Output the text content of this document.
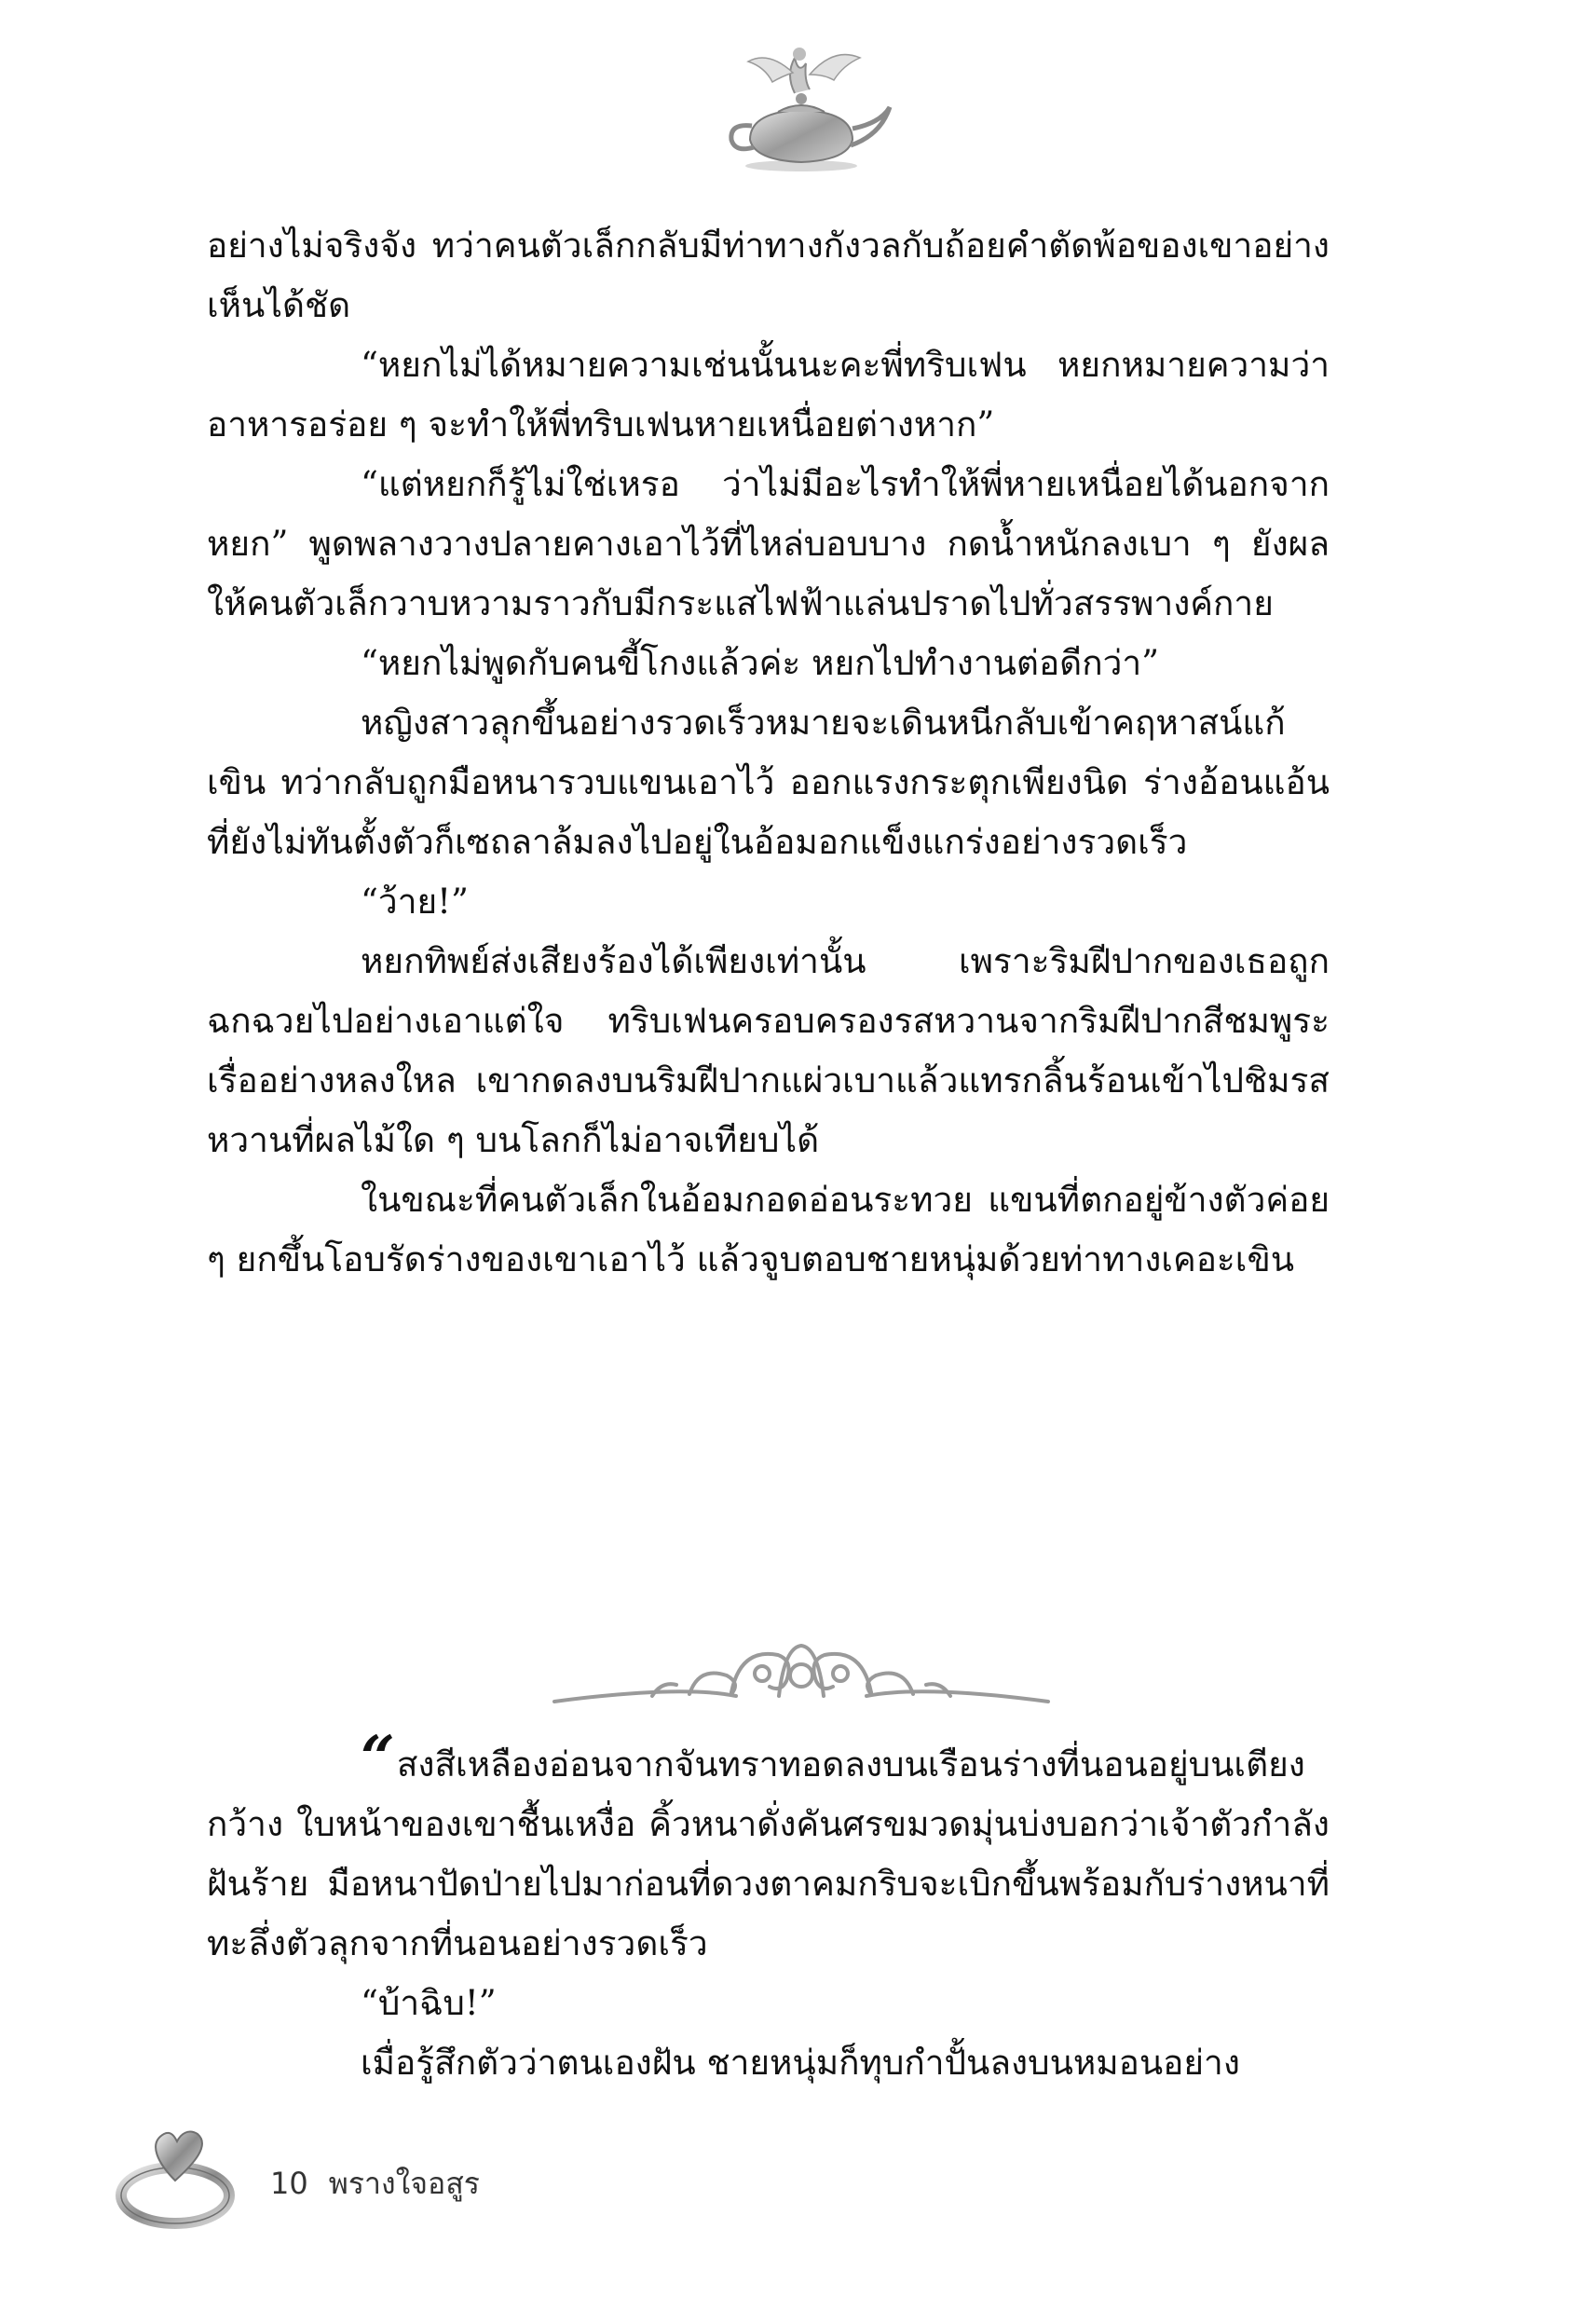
อย่างไม่จริงจัง ทว่าคนตัวเล็กกลับมีท่าทางกังวลกับถ้อยคำตัดพ้อของเขาอย่างเห็นได้ชัด

“หยกไม่ได้หมายความเช่นนั้นนะคะพี่ทริบเฟน หยกหมายความว่าอาหารอร่อย ๆ จะทำให้พี่ทริบเฟนหายเหนื่อยต่างหาก”

“แต่หยกก็รู้ไม่ใช่เหรอ ว่าไม่มีอะไรทำให้พี่หายเหนื่อยได้นอกจากหยก” พูดพลางวางปลายคางเอาไว้ที่ไหล่บอบบาง กดน้ำหนักลงเบา ๆ ยังผลให้คนตัวเล็กวาบหวามราวกับมีกระแสไฟฟ้าแล่นปราดไปทั่วสรรพางค์กาย

“หยกไม่พูดกับคนขี้โกงแล้วค่ะ หยกไปทำงานต่อดีกว่า”

หญิงสาวลุกขึ้นอย่างรวดเร็วหมายจะเดินหนีกลับเข้าคฤหาสน์แก้เขิน ทว่ากลับถูกมือหนารวบแขนเอาไว้ ออกแรงกระตุกเพียงนิด ร่างอ้อนแอ้นที่ยังไม่ทันตั้งตัวก็เซถลาล้มลงไปอยู่ในอ้อมอกแข็งแกร่งอย่างรวดเร็ว

“ว้าย!”

หยกทิพย์ส่งเสียงร้องได้เพียงเท่านั้น เพราะริมฝีปากของเธอถูกฉกฉวยไปอย่างเอาแต่ใจ ทริบเฟนครอบครองรสหวานจากริมฝีปากสีชมพูระเรื่ออย่างหลงใหล เขากดลงบนริมฝีปากแผ่วเบาแล้วแทรกลิ้นร้อนเข้าไปชิมรสหวานที่ผลไม้ใด ๆ บนโลกก็ไม่อาจเทียบได้

ในขณะที่คนตัวเล็กในอ้อมกอดอ่อนระทวย แขนที่ตกอยู่ข้างตัวค่อย ๆ ยกขึ้นโอบรัดร่างของเขาเอาไว้ แล้วจูบตอบชายหนุ่มด้วยท่าทางเคอะเขิน

“สงสีเหลืองอ่อนจากจันทราทอดลงบนเรือนร่างที่นอนอยู่บนเตียงกว้าง ใบหน้าของเขาชื้นเหงื่อ คิ้วหนาดั่งคันศรขมวดมุ่นบ่งบอกว่าเจ้าตัวกำลังฝันร้าย มือหนาปัดป่ายไปมาก่อนที่ดวงตาคมกริบจะเบิกขึ้นพร้อมกับร่างหนาที่ทะลึ่งตัวลุกจากที่นอนอย่างรวดเร็ว

“บ้าฉิบ!”

เมื่อรู้สึกตัวว่าตนเองฝัน ชายหนุ่มก็ทุบกำปั้นลงบนหมอนอย่าง

10 พรางใจอสูร
